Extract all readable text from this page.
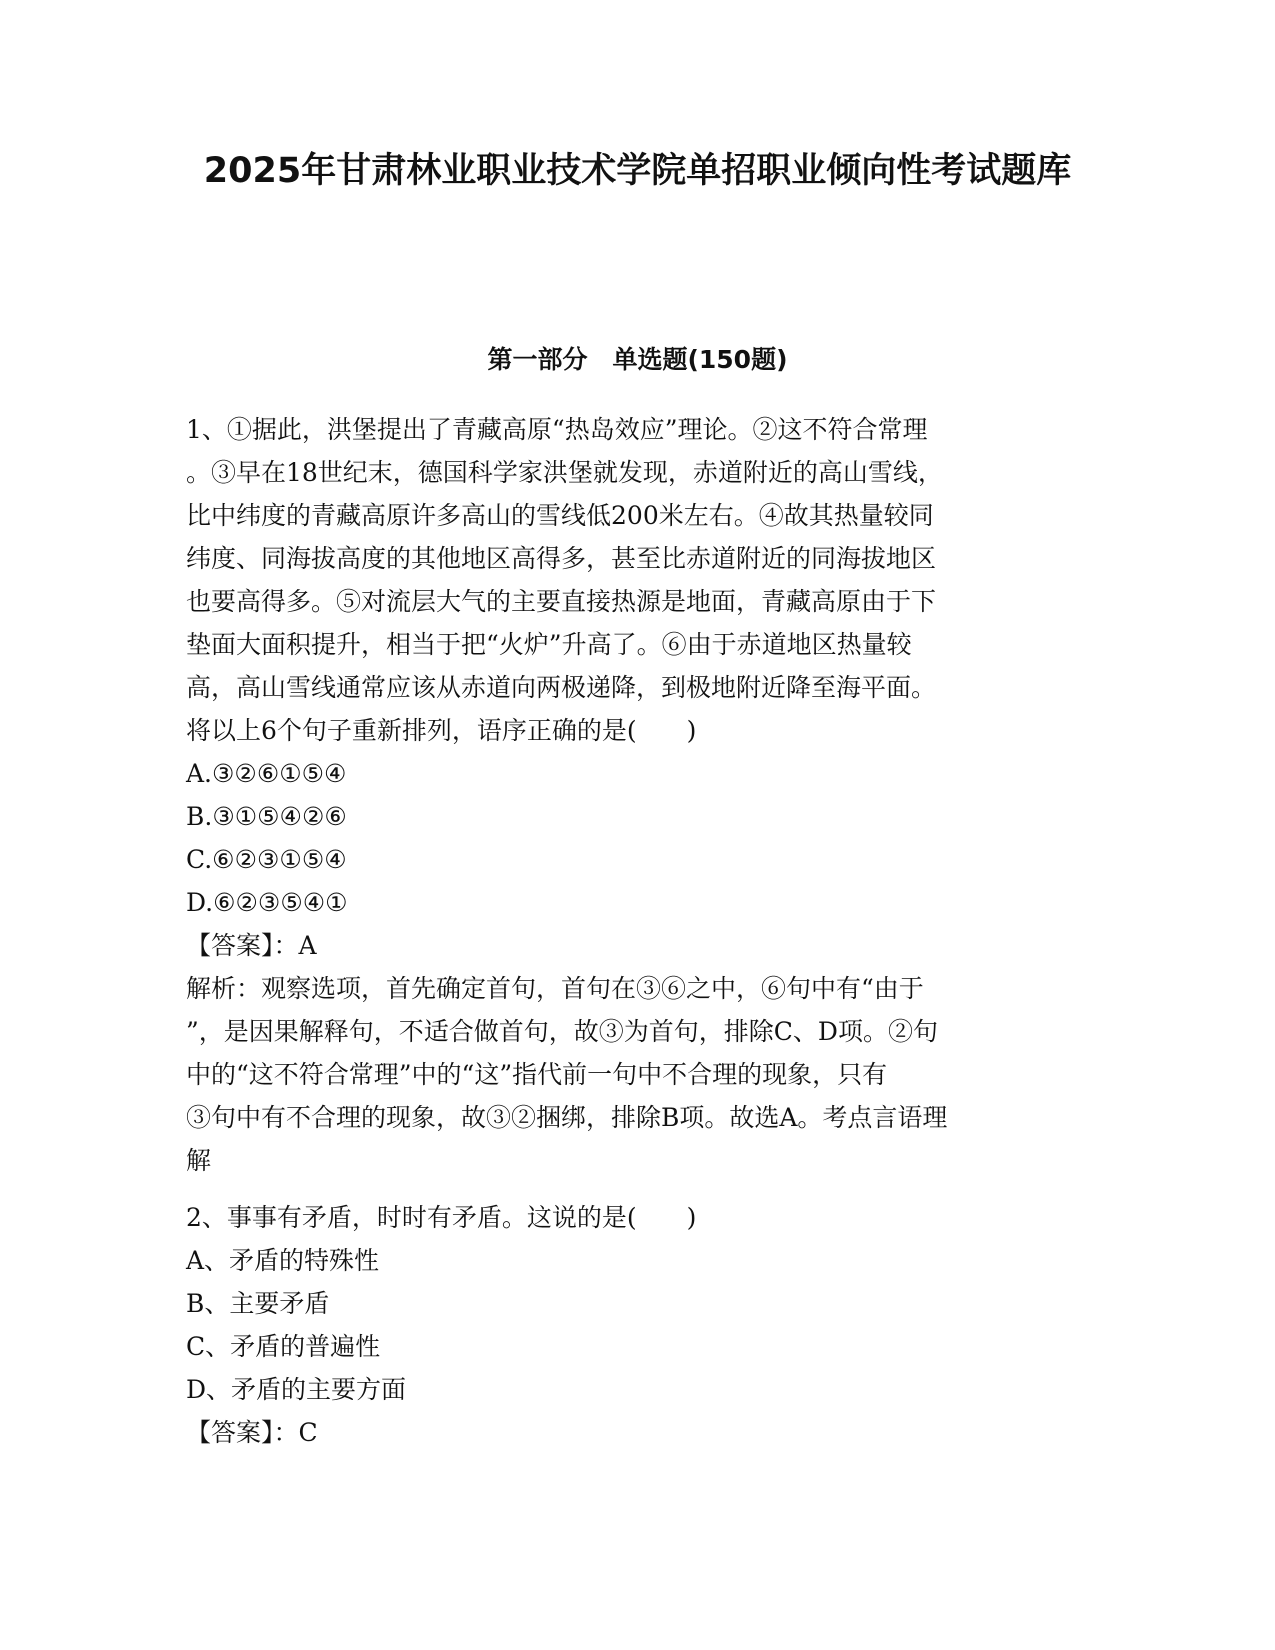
2025年甘肃林业职业技术学院单招职业倾向性考试题库
第一部分　单选题(150题)
1、①据此，洪堡提出了青藏高原“热岛效应”理论。②这不符合常理
。③早在18世纪末，德国科学家洪堡就发现，赤道附近的高山雪线，
比中纬度的青藏高原许多高山的雪线低200米左右。④故其热量较同
纬度、同海拔高度的其他地区高得多，甚至比赤道附近的同海拔地区
也要高得多。⑤对流层大气的主要直接热源是地面，青藏高原由于下
垫面大面积提升，相当于把“火炉”升高了。⑥由于赤道地区热量较
高，高山雪线通常应该从赤道向两极递降，到极地附近降至海平面。
将以上6个句子重新排列，语序正确的是(　　)
A.③②⑥①⑤④
B.③①⑤④②⑥
C.⑥②③①⑤④
D.⑥②③⑤④①
【答案】：A
解析：观察选项，首先确定首句，首句在③⑥之中，⑥句中有“由于
”，是因果解释句，不适合做首句，故③为首句，排除C、D项。②句
中的“这不符合常理”中的“这”指代前一句中不合理的现象，只有
③句中有不合理的现象，故③②捆绑，排除B项。故选A。考点言语理
解
2、事事有矛盾，时时有矛盾。这说的是(　　)
A、矛盾的特殊性
B、主要矛盾
C、矛盾的普遍性
D、矛盾的主要方面
【答案】：C
